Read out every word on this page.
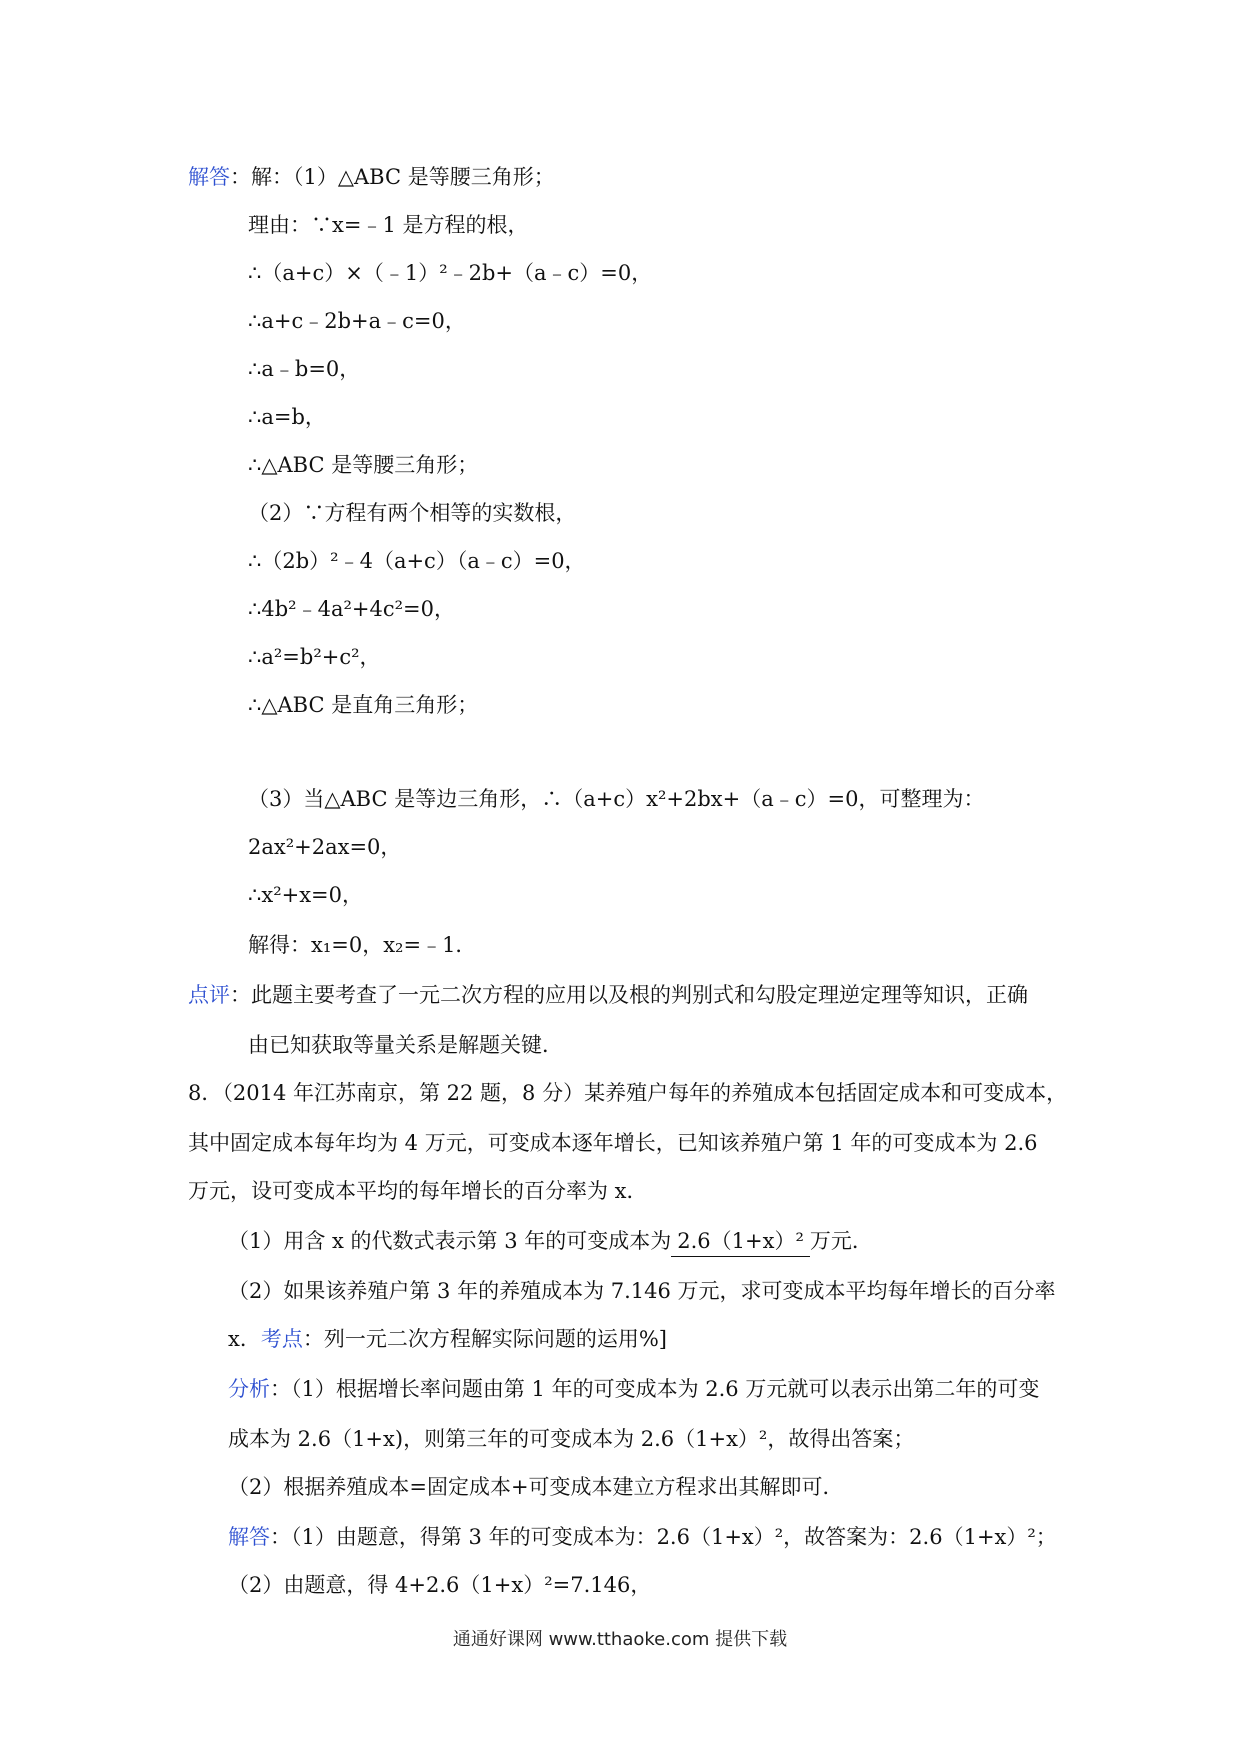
解答：解：（1）△ABC 是等腰三角形；
理由：∵x=﹣1 是方程的根，
∴（a+c）×（﹣1）²﹣2b+（a﹣c）=0，
∴a+c﹣2b+a﹣c=0，
∴a﹣b=0，
∴a=b，
∴△ABC 是等腰三角形；
（2）∵方程有两个相等的实数根，
∴（2b）²﹣4（a+c）（a﹣c）=0，
∴4b²﹣4a²+4c²=0，
∴a²=b²+c²，
∴△ABC 是直角三角形；
（3）当△ABC 是等边三角形，∴（a+c）x²+2bx+（a﹣c）=0，可整理为：
2ax²+2ax=0，
∴x²+x=0，
解得：x₁=0，x₂=﹣1．
点评：此题主要考查了一元二次方程的应用以及根的判别式和勾股定理逆定理等知识，正确
由已知获取等量关系是解题关键．
8．（2014 年江苏南京，第 22 题，8 分）某养殖户每年的养殖成本包括固定成本和可变成本，
其中固定成本每年均为 4 万元，可变成本逐年增长，已知该养殖户第 1 年的可变成本为 2.6
万元，设可变成本平均的每年增长的百分率为 x．
（1）用含 x 的代数式表示第 3 年的可变成本为 2.6（1+x）² 万元．
（2）如果该养殖户第 3 年的养殖成本为 7.146 万元，求可变成本平均每年增长的百分率
x．考点：列一元二次方程解实际问题的运用%]
分析：（1）根据增长率问题由第 1 年的可变成本为 2.6 万元就可以表示出第二年的可变
成本为 2.6（1+x)，则第三年的可变成本为 2.6（1+x）²，故得出答案；
（2）根据养殖成本=固定成本+可变成本建立方程求出其解即可．
解答：（1）由题意，得第 3 年的可变成本为：2.6（1+x）²，故答案为：2.6（1+x）²；
（2）由题意，得 4+2.6（1+x）²=7.146，
通通好课网 www.tthaoke.com 提供下载
